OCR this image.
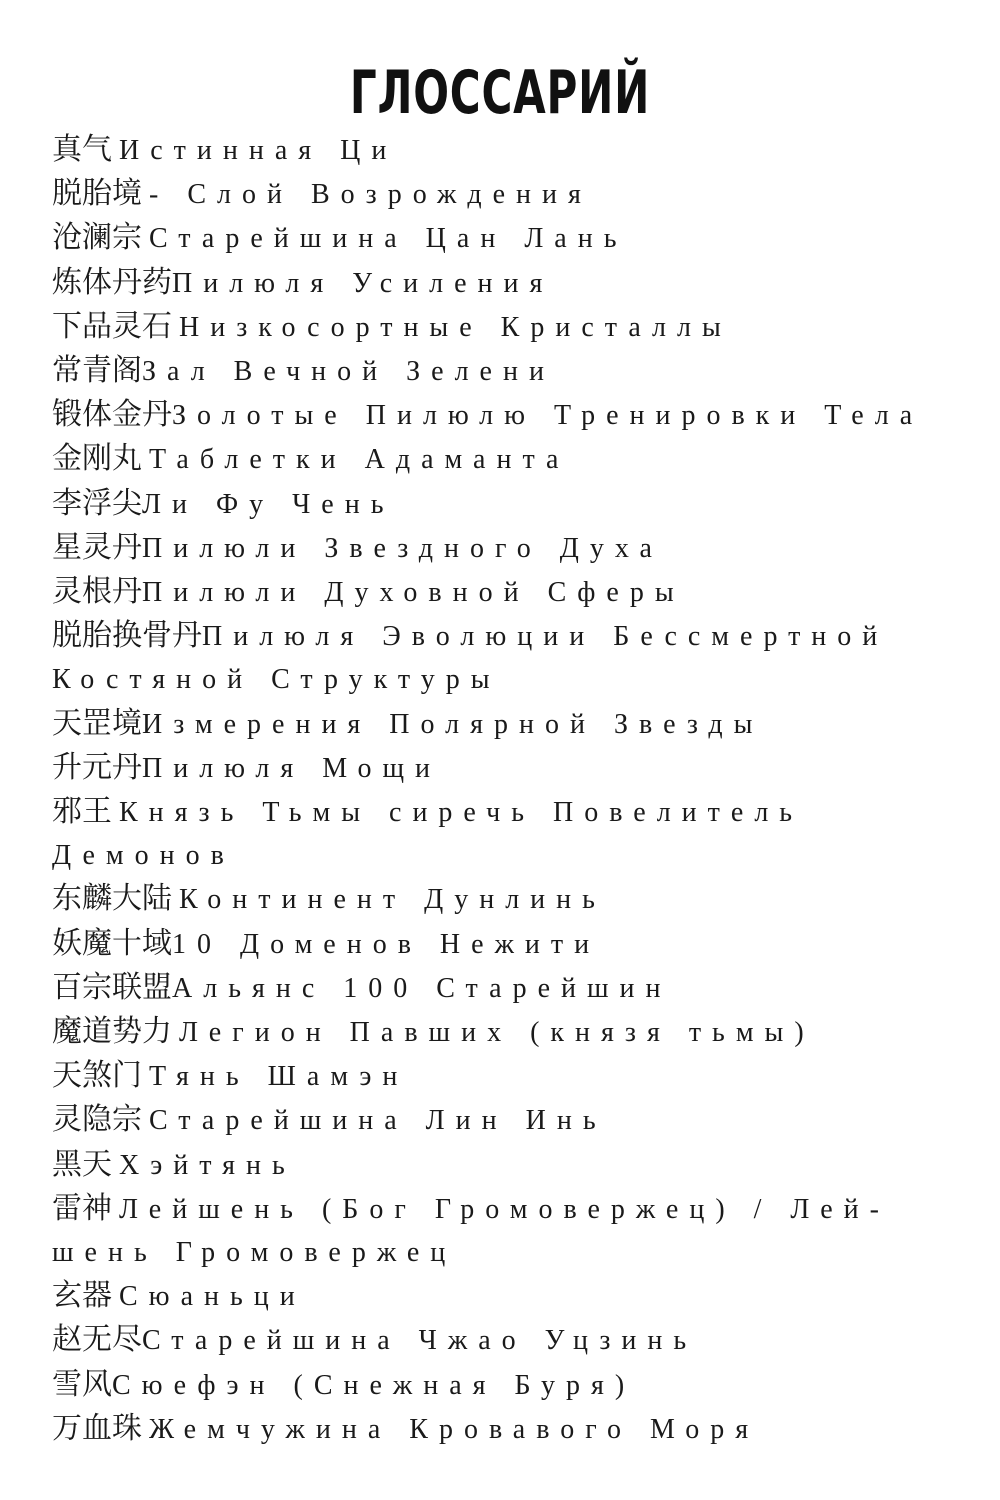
ГЛОССАРИЙ
真气 Истинная Ци
脱胎境 - Слой Возрождения
沧澜宗 Старейшина Цан Лань
炼体丹药Пилюля Усиления
下品灵石 Низкосортные Кристаллы
常青阁Зал Вечной Зелени
锻体金丹Золотые Пилюлю Тренировки Тела
金刚丸 Таблетки Адаманта
李浮尖Ли Фу Чень
星灵丹Пилюли Звездного Духа
灵根丹Пилюли Духовной Сферы
脱胎换骨丹Пилюля Эволюции Бессмертной Костяной Структуры
天罡境Измерения Полярной Звезды
升元丹Пилюля Мощи
邪王 Князь Тьмы сиречь Повелитель Демонов
东麟大陆 Континент Дунлинь
妖魔十域10 Доменов Нежити
百宗联盟Альянс 100 Старейшин
魔道势力 Легион Павших (князя тьмы)
天煞门 Тянь Шамэн
灵隐宗 Старейшина Лин Инь
黑天 Хэйтянь
雷神 Лейшень (Бог Громовержец) / Лей-шень Громовержец
玄器 Сюаньци
赵无尽Старейшина Чжао Уцзинь
雪风Сюефэн (Снежная Буря)
万血珠 Жемчужина Кровавого Моря
